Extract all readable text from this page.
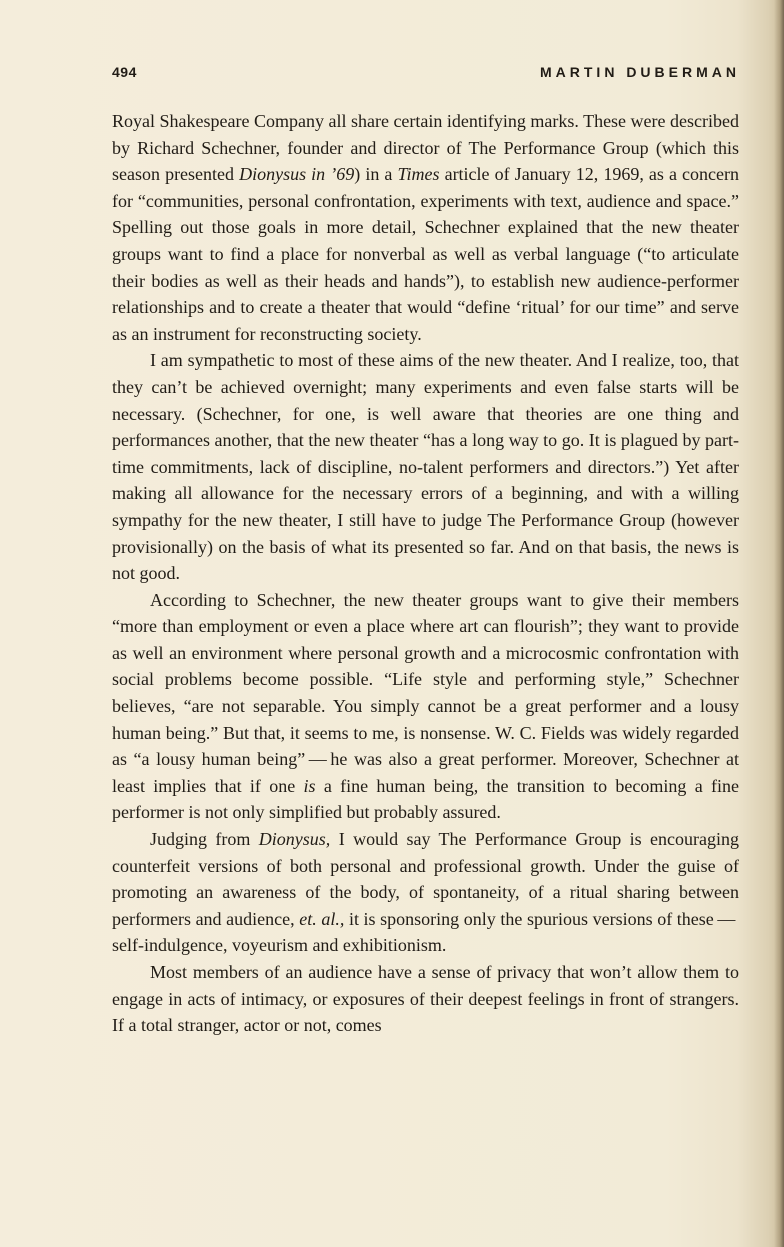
494	MARTIN DUBERMAN

Royal Shakespeare Company all share certain identifying marks. These were described by Richard Schechner, founder and director of The Performance Group (which this season presented Dionysus in ’69) in a Times article of January 12, 1969, as a concern for “communities, personal confrontation, experiments with text, audience and space.” Spelling out those goals in more detail, Schechner explained that the new theater groups want to find a place for nonverbal as well as verbal language (“to articulate their bodies as well as their heads and hands”), to establish new audience-performer relationships and to create a theater that would “define ‘ritual’ for our time” and serve as an instrument for reconstructing society.

I am sympathetic to most of these aims of the new theater. And I realize, too, that they can’t be achieved overnight; many experiments and even false starts will be necessary. (Schechner, for one, is well aware that theories are one thing and performances another, that the new theater “has a long way to go. It is plagued by part-time commitments, lack of discipline, no-talent performers and directors.”) Yet after making all allowance for the necessary errors of a beginning, and with a willing sympathy for the new theater, I still have to judge The Performance Group (however provisionally) on the basis of what its presented so far. And on that basis, the news is not good.

According to Schechner, the new theater groups want to give their members “more than employment or even a place where art can flourish”; they want to provide as well an environment where personal growth and a microcosmic confrontation with social problems become possible. “Life style and performing style,” Schechner believes, “are not separable. You simply cannot be a great performer and a lousy human being.” But that, it seems to me, is nonsense. W. C. Fields was widely regarded as “a lousy human being” — he was also a great performer. Moreover, Schechner at least implies that if one is a fine human being, the transition to becoming a fine performer is not only simplified but probably assured.

Judging from Dionysus, I would say The Performance Group is encouraging counterfeit versions of both personal and professional growth. Under the guise of promoting an awareness of the body, of spontaneity, of a ritual sharing between performers and audience, et. al., it is sponsoring only the spurious versions of these — self-indulgence, voyeurism and exhibitionism.

Most members of an audience have a sense of privacy that won’t allow them to engage in acts of intimacy, or exposures of their deepest feelings in front of strangers. If a total stranger, actor or not, comes
